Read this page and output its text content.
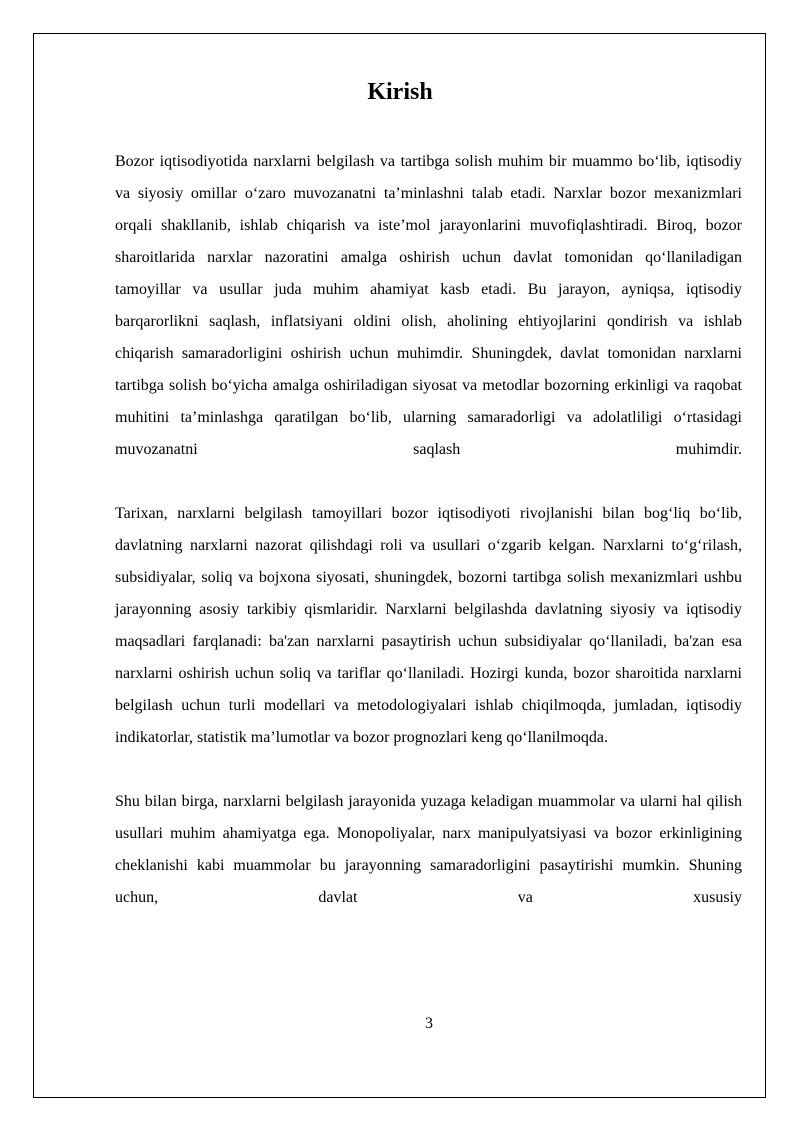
Kirish

Bozor iqtisodiyotida narxlarni belgilash va tartibga solish muhim bir muammo bo‘lib, iqtisodiy va siyosiy omillar o‘zaro muvozanatni ta’minlashni talab etadi. Narxlar bozor mexanizmlari orqali shakllanib, ishlab chiqarish va iste’mol jarayonlarini muvofiqlashtiradi. Biroq, bozor sharoitlarida narxlar nazoratini amalga oshirish uchun davlat tomonidan qo‘llaniladigan tamoyillar va usullar juda muhim ahamiyat kasb etadi. Bu jarayon, ayniqsa, iqtisodiy barqarorlikni saqlash, inflatsiyani oldini olish, aholining ehtiyojlarini qondirish va ishlab chiqarish samaradorligini oshirish uchun muhimdir. Shuningdek, davlat tomonidan narxlarni tartibga solish bo‘yicha amalga oshiriladigan siyosat va metodlar bozorning erkinligi va raqobat muhitini ta’minlashga qaratilgan bo‘lib, ularning samaradorligi va adolatliligi o‘rtasidagi muvozanatni saqlash muhimdir.

Tarixan, narxlarni belgilash tamoyillari bozor iqtisodiyoti rivojlanishi bilan bog‘liq bo‘lib, davlatning narxlarni nazorat qilishdagi roli va usullari o‘zgarib kelgan. Narxlarni to‘g‘rilash, subsidiyalar, soliq va bojxona siyosati, shuningdek, bozorni tartibga solish mexanizmlari ushbu jarayonning asosiy tarkibiy qismlaridir. Narxlarni belgilashda davlatning siyosiy va iqtisodiy maqsadlari farqlanadi: ba'zan narxlarni pasaytirish uchun subsidiyalar qo‘llaniladi, ba'zan esa narxlarni oshirish uchun soliq va tariflar qo‘llaniladi. Hozirgi kunda, bozor sharoitida narxlarni belgilash uchun turli modellari va metodologiyalari ishlab chiqilmoqda, jumladan, iqtisodiy indikatorlar, statistik ma’lumotlar va bozor prognozlari keng qo‘llanilmoqda.

Shu bilan birga, narxlarni belgilash jarayonida yuzaga keladigan muammolar va ularni hal qilish usullari muhim ahamiyatga ega. Monopoliyalar, narx manipulyatsiyasi va bozor erkinligining cheklanishi kabi muammolar bu jarayonning samaradorligini pasaytirishi mumkin. Shuning uchun, davlat va xususiy

3
